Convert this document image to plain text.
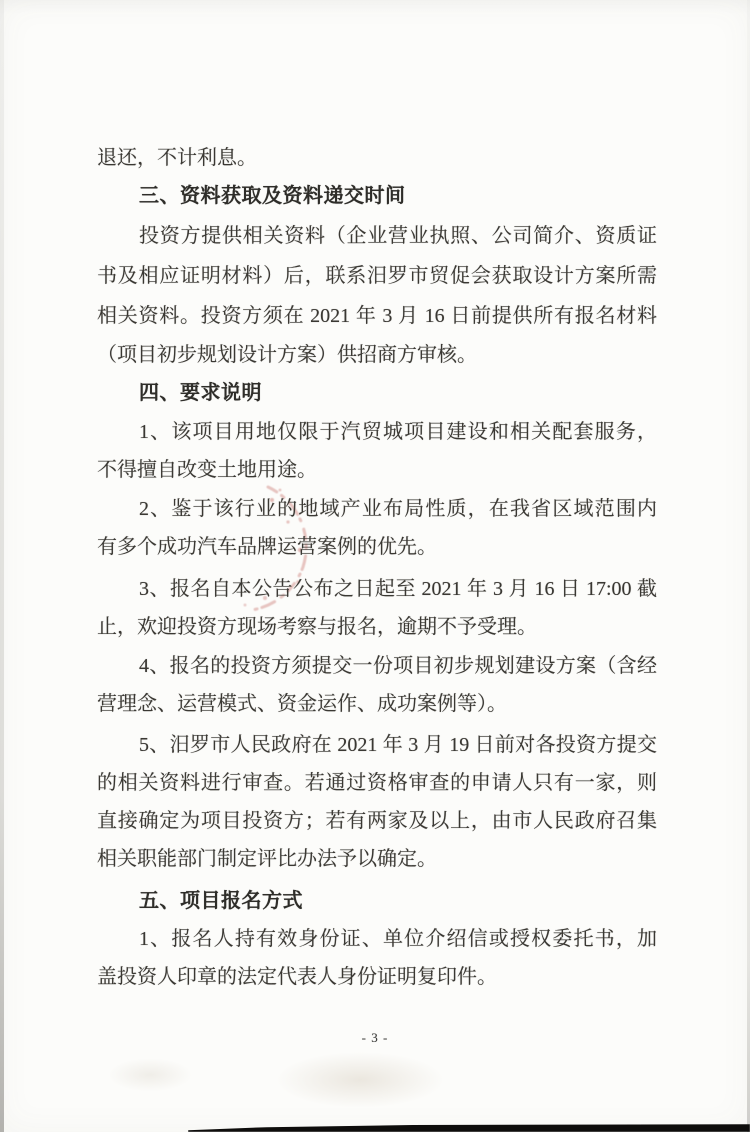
退还，不计利息。
三、资料获取及资料递交时间
投资方提供相关资料（企业营业执照、公司简介、资质证
书及相应证明材料）后，联系汨罗市贸促会获取设计方案所需
相关资料。投资方须在 2021 年 3 月 16 日前提供所有报名材料
（项目初步规划设计方案）供招商方审核。
四、要求说明
1、该项目用地仅限于汽贸城项目建设和相关配套服务，
不得擅自改变土地用途。
2、鉴于该行业的地域产业布局性质，在我省区域范围内
有多个成功汽车品牌运营案例的优先。
3、报名自本公告公布之日起至 2021 年 3 月 16 日 17:00 截
止，欢迎投资方现场考察与报名，逾期不予受理。
4、报名的投资方须提交一份项目初步规划建设方案（含经
营理念、运营模式、资金运作、成功案例等）。
5、汨罗市人民政府在 2021 年 3 月 19 日前对各投资方提交
的相关资料进行审查。若通过资格审查的申请人只有一家，则
直接确定为项目投资方；若有两家及以上，由市人民政府召集
相关职能部门制定评比办法予以确定。
五、项目报名方式
1、报名人持有效身份证、单位介绍信或授权委托书，加
盖投资人印章的法定代表人身份证明复印件。
- 3 -
